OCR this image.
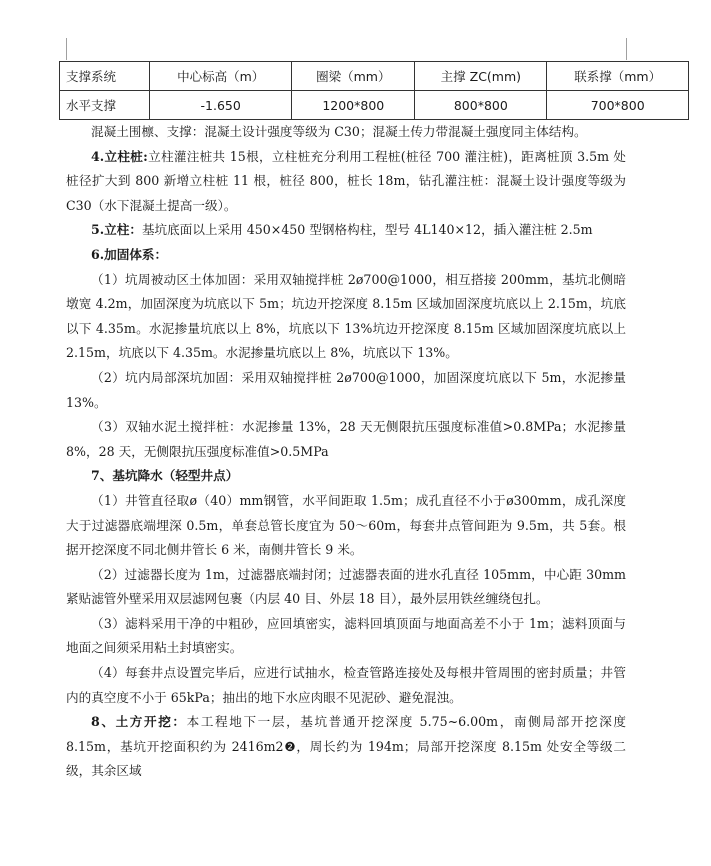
支撑系统	中心标高（m）	圈梁（mm）	主撑 ZC(mm)	联系撑（mm）
水平支撑	-1.650	1200*800	800*800	700*800

混凝土围檩、支撑：混凝土设计强度等级为 C30；混凝土传力带混凝土强度同主体结构。

4.立柱桩:立柱灌注桩共 15根，立柱桩充分利用工程桩(桩径 700 灌注桩)，距离桩顶 3.5m 处桩径扩大到 800 新增立柱桩 11 根，桩径 800，桩长 18m，钻孔灌注桩：混凝土设计强度等级为 C30（水下混凝土提高一级）。

5.立柱：基坑底面以上采用 450×450 型钢格构柱，型号 4L140×12，插入灌注桩 2.5m

6.加固体系：

（1）坑周被动区土体加固：采用双轴搅拌桩 2ø700@1000，相互搭接 200mm，基坑北侧暗墩宽 4.2m，加固深度为坑底以下 5m；坑边开挖深度 8.15m 区域加固深度坑底以上 2.15m，坑底以下 4.35m。水泥掺量坑底以上 8%，坑底以下 13%坑边开挖深度 8.15m 区域加固深度坑底以上 2.15m，坑底以下 4.35m。水泥掺量坑底以上 8%，坑底以下 13%。

（2）坑内局部深坑加固：采用双轴搅拌桩 2ø700@1000，加固深度坑底以下 5m，水泥掺量 13%。

（3）双轴水泥土搅拌桩：水泥掺量 13%，28 天无侧限抗压强度标准值>0.8MPa；水泥掺量 8%，28 天，无侧限抗压强度标准值>0.5MPa

7、基坑降水（轻型井点）

（1）井管直径取ø（40）mm钢管，水平间距取 1.5m；成孔直径不小于ø300mm，成孔深度大于过滤器底端埋深 0.5m，单套总管长度宜为 50～60m，每套井点管间距为 9.5m，共 5套。根据开挖深度不同北侧井管长 6 米，南侧井管长 9 米。

（2）过滤器长度为 1m，过滤器底端封闭；过滤器表面的进水孔直径 105mm，中心距 30mm 紧贴滤管外壁采用双层滤网包裹（内层 40 目、外层 18 目），最外层用铁丝缠绕包扎。

（3）滤料采用干净的中粗砂，应回填密实，滤料回填顶面与地面高差不小于 1m；滤料顶面与地面之间须采用粘土封填密实。

（4）每套井点设置完毕后，应进行试抽水，检查管路连接处及每根井管周围的密封质量；井管内的真空度不小于 65kPa；抽出的地下水应肉眼不见泥砂、避免混浊。

8、土方开挖：本工程地下一层，基坑普通开挖深度 5.75~6.00m，南侧局部开挖深度 8.15m，基坑开挖面积约为 2416m2❷，周长约为 194m；局部开挖深度 8.15m 处安全等级二级，其余区域
